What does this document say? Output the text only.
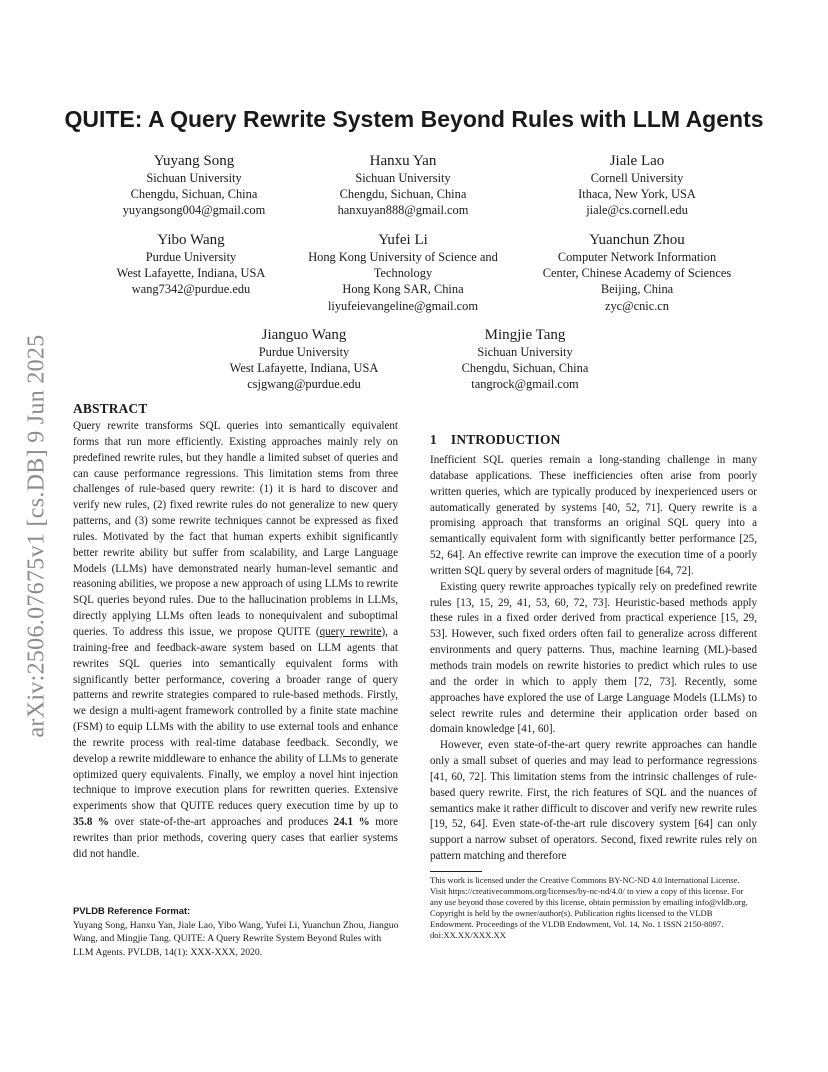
arXiv:2506.07675v1 [cs.DB] 9 Jun 2025
QUITE: A Query Rewrite System Beyond Rules with LLM Agents
Yuyang Song
Sichuan University
Chengdu, Sichuan, China
yuyangsong004@gmail.com
Hanxu Yan
Sichuan University
Chengdu, Sichuan, China
hanxuyan888@gmail.com
Jiale Lao
Cornell University
Ithaca, New York, USA
jiale@cs.cornell.edu
Yibo Wang
Purdue University
West Lafayette, Indiana, USA
wang7342@purdue.edu
Yufei Li
Hong Kong University of Science and
Technology
Hong Kong SAR, China
liyufeievangeline@gmail.com
Yuanchun Zhou
Computer Network Information
Center, Chinese Academy of Sciences
Beijing, China
zyc@cnic.cn
Jianguo Wang
Purdue University
West Lafayette, Indiana, USA
csjgwang@purdue.edu
Mingjie Tang
Sichuan University
Chengdu, Sichuan, China
tangrock@gmail.com
ABSTRACT

Query rewrite transforms SQL queries into semantically equivalent forms that run more efficiently. Existing approaches mainly rely on predefined rewrite rules, but they handle a limited subset of queries and can cause performance regressions. This limitation stems from three challenges of rule-based query rewrite: (1) it is hard to discover and verify new rules, (2) fixed rewrite rules do not generalize to new query patterns, and (3) some rewrite techniques cannot be expressed as fixed rules. Motivated by the fact that human experts exhibit significantly better rewrite ability but suffer from scalability, and Large Language Models (LLMs) have demonstrated nearly human-level semantic and reasoning abilities, we propose a new approach of using LLMs to rewrite SQL queries beyond rules. Due to the hallucination problems in LLMs, directly applying LLMs often leads to nonequivalent and suboptimal queries. To address this issue, we propose QUITE (query rewrite), a training-free and feedback-aware system based on LLM agents that rewrites SQL queries into semantically equivalent forms with significantly better performance, covering a broader range of query patterns and rewrite strategies compared to rule-based methods. Firstly, we design a multi-agent framework controlled by a finite state machine (FSM) to equip LLMs with the ability to use external tools and enhance the rewrite process with real-time database feedback. Secondly, we develop a rewrite middleware to enhance the ability of LLMs to generate optimized query equivalents. Finally, we employ a novel hint injection technique to improve execution plans for rewritten queries. Extensive experiments show that QUITE reduces query execution time by up to 35.8 % over state-of-the-art approaches and produces 24.1 % more rewrites than prior methods, covering query cases that earlier systems did not handle.

PVLDB Reference Format:
Yuyang Song, Hanxu Yan, Jiale Lao, Yibo Wang, Yufei Li, Yuanchun Zhou, Jianguo Wang, and Mingjie Tang. QUITE: A Query Rewrite System Beyond Rules with LLM Agents. PVLDB, 14(1): XXX-XXX, 2020.
1 INTRODUCTION

Inefficient SQL queries remain a long-standing challenge in many database applications. These inefficiencies often arise from poorly written queries, which are typically produced by inexperienced users or automatically generated by systems [40, 52, 71]. Query rewrite is a promising approach that transforms an original SQL query into a semantically equivalent form with significantly better performance [25, 52, 64]. An effective rewrite can improve the execution time of a poorly written SQL query by several orders of magnitude [64, 72].

Existing query rewrite approaches typically rely on predefined rewrite rules [13, 15, 29, 41, 53, 60, 72, 73]. Heuristic-based methods apply these rules in a fixed order derived from practical experience [15, 29, 53]. However, such fixed orders often fail to generalize across different environments and query patterns. Thus, machine learning (ML)-based methods train models on rewrite histories to predict which rules to use and the order in which to apply them [72, 73]. Recently, some approaches have explored the use of Large Language Models (LLMs) to select rewrite rules and determine their application order based on domain knowledge [41, 60].

However, even state-of-the-art query rewrite approaches can handle only a small subset of queries and may lead to performance regressions [41, 60, 72]. This limitation stems from the intrinsic challenges of rule-based query rewrite. First, the rich features of SQL and the nuances of semantics make it rather difficult to discover and verify new rewrite rules [19, 52, 64]. Even state-of-the-art rule discovery system [64] can only support a narrow subset of operators. Second, fixed rewrite rules rely on pattern matching and therefore

This work is licensed under the Creative Commons BY-NC-ND 4.0 International License. Visit https://creativecommons.org/licenses/by-nc-nd/4.0/ to view a copy of this license. For any use beyond those covered by this license, obtain permission by emailing info@vldb.org. Copyright is held by the owner/author(s). Publication rights licensed to the VLDB Endowment. Proceedings of the VLDB Endowment, Vol. 14, No. 1 ISSN 2150-8097. doi:XX.XX/XXX.XX
